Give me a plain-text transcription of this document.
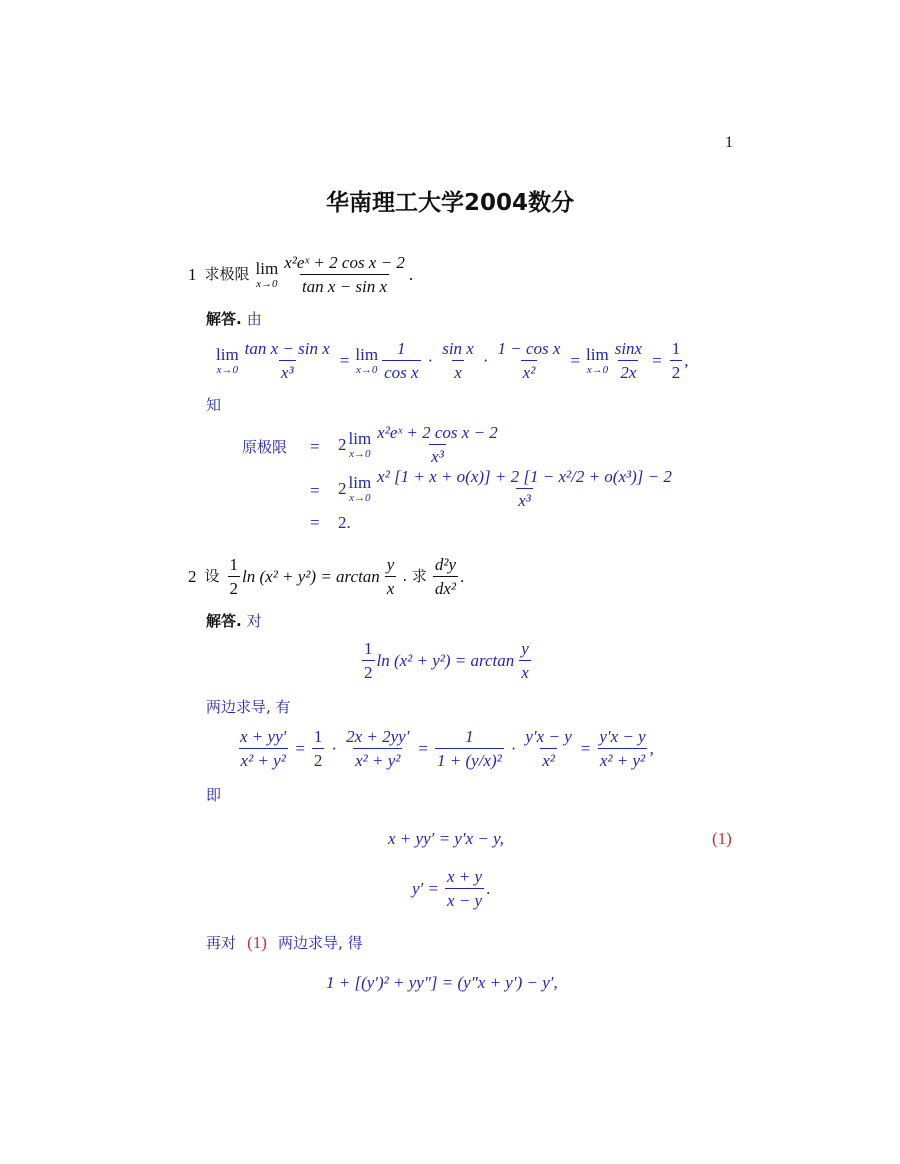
1
华南理工大学2004数分
1 求极限 lim
$x\to 0 \frac{\text{x²eˣ + 2 cos x − 2}}{\text{tan x − sin x}}$ .
解答. 由
lim
$x\to 0 \frac{\text{tan x − sin x}}{\text{x³}} = \lim$
$x\to 0 \frac{1}{\text{cos x}} \cdot \frac{\text{sin x}}{x} \cdot \frac{\text{1 − cos x}}{\text{x²}} = \lim$
$x\to 0 \frac{\sin x}{2x} = \frac{1}{2}$ ,
知
原极限 = 2 lim
$x\to 0 \frac{\text{x²eˣ + 2 cos x − 2}}{\text{x³}}$
= 2 lim
$x\to 0 \frac{\text{x² [1 + x + o(x)] + 2 [1 − x²/2 + o(x³)] − 2}}{\text{x³}}$
= 2.
2 设 $\frac{1}{2}$ $\ln (x^2 + y^2) = \arctan \frac{y}{x}$ . 求 $\frac{\text{d²y}}{\text{dx²}}$ .
解答. 对
$\frac{1}{2}$ $\ln (x^2 + y^2) = \arctan \frac{y}{x}$
两边求导, 有
$\frac{x + yy'}{\text{x² + y²}} = \frac{1}{2} \cdot \frac{2x + 2yy'}{\text{x² + y²}} = \frac{1}{\text{1 + (y/x)²}} \cdot \frac{y'x - y}{\text{x²}} = \frac{y'x - y}{\text{x² + y²}}$ ,
即
x + yy′ = y′x − y,	(1)
$y' = \frac{x + y}{x - y}$ .
再对 (1) 两边求导, 得
1 + [(y′)² + yy″] = (y″x + y′) − y′,
